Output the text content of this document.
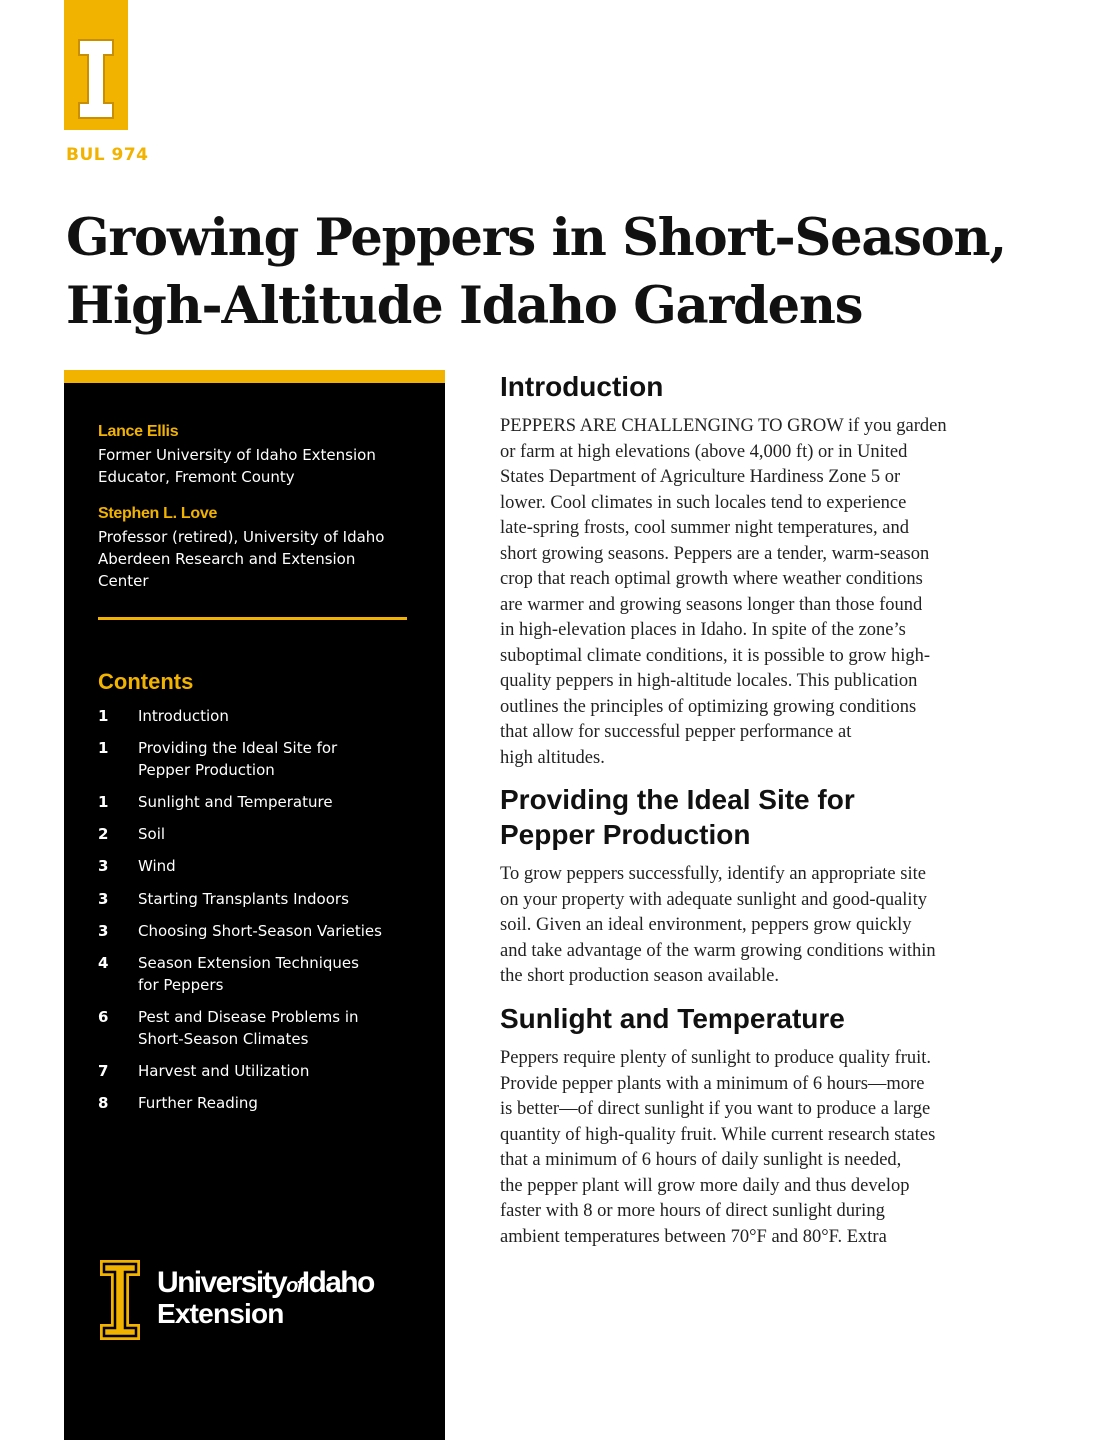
BUL 974
Growing Peppers in Short-Season,
High-Altitude Idaho Gardens
Lance Ellis
Former University of Idaho Extension
Educator, Fremont County
Stephen L. Love
Professor (retired), University of Idaho
Aberdeen Research and Extension
Center
Contents
1	Introduction
1	Providing the Ideal Site for
Pepper Production
1	Sunlight and Temperature
2	Soil
3	Wind
3	Starting Transplants Indoors
3	Choosing Short-Season Varieties
4	Season Extension Techniques
for Peppers
6	Pest and Disease Problems in
Short-Season Climates
7	Harvest and Utilization
8	Further Reading
UniversityofIdaho
Extension
Introduction
PEPPERS ARE CHALLENGING TO GROW if you garden
or farm at high elevations (above 4,000 ft) or in United
States Department of Agriculture Hardiness Zone 5 or
lower. Cool climates in such locales tend to experience
late-spring frosts, cool summer night temperatures, and
short growing seasons. Peppers are a tender, warm-season
crop that reach optimal growth where weather conditions
are warmer and growing seasons longer than those found
in high-elevation places in Idaho. In spite of the zone’s
suboptimal climate conditions, it is possible to grow high-
quality peppers in high-altitude locales. This publication
outlines the principles of optimizing growing conditions
that allow for successful pepper performance at
high altitudes.
Providing the Ideal Site for
Pepper Production
To grow peppers successfully, identify an appropriate site
on your property with adequate sunlight and good-quality
soil. Given an ideal environment, peppers grow quickly
and take advantage of the warm growing conditions within
the short production season available.
Sunlight and Temperature
Peppers require plenty of sunlight to produce quality fruit.
Provide pepper plants with a minimum of 6 hours—more
is better—of direct sunlight if you want to produce a large
quantity of high-quality fruit. While current research states
that a minimum of 6 hours of daily sunlight is needed,
the pepper plant will grow more daily and thus develop
faster with 8 or more hours of direct sunlight during
ambient temperatures between 70°F and 80°F. Extra
